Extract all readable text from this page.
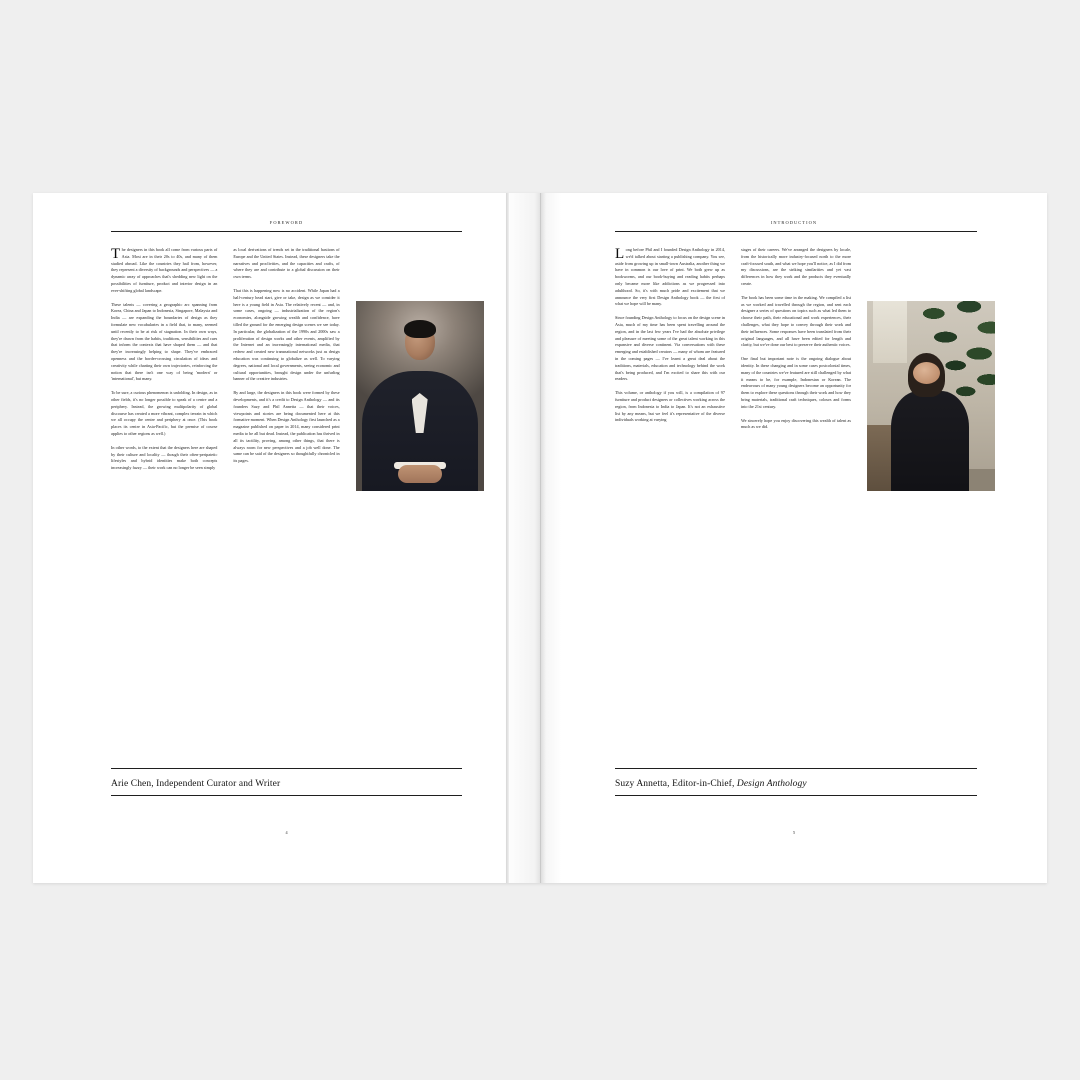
FOREWORD

The designers in this book all come from various parts of Asia. Most are in their 20s to 40s, and many of them studied abroad. Like the countries they hail from, however, they represent a diversity of backgrounds and perspectives — a dynamic array of approaches that's shedding new light on the possibilities of furniture, product and interior design in an ever-shifting global landscape.

These talents — covering a geographic arc spanning from Korea, China and Japan to Indonesia, Singapore, Malaysia and India — are expanding the boundaries of design as they formulate new vocabularies in a field that, to many, seemed until recently to be at risk of stagnation. In their own ways, they're drawn from the habits, traditions, sensibilities and cues that inform the contexts that have shaped them — and that they're increasingly helping to shape. They've embraced openness and the border-crossing circulation of ideas and creativity while charting their own trajectories, reinforcing the notion that there isn't one way of being 'modern' or 'international', but many.

To be sure, a curious phenomenon is unfolding. In design, as in other fields, it's no longer possible to speak of a centre and a periphery. Instead, the growing multipolarity of global discourse has created a more vibrant, complex terrain in which we all occupy the centre and periphery at once. (This book places its centre in Asia-Pacific, but the premise of course applies to other regions as well.)

In other words, to the extent that the designers here are shaped by their culture and locality — though their often-peripatetic lifestyles and hybrid identities make both concepts increasingly fuzzy — their work can no longer be seen simply

as local derivations of trends set in the traditional bastions of Europe and the United States. Instead, these designers take the narratives and proclivities, and the capacities and crafts, of where they are and contribute to a global discussion on their own terms.

That this is happening now is no accident. While Japan had a half-century head start, give or take, design as we consider it here is a young field in Asia. The relatively recent — and, in some cases, ongoing — industrialization of the region's economies, alongside growing wealth and confidence, have tilled the ground for the emerging design scenes we see today. In particular, the globalization of the 1990s and 2000s saw a proliferation of design works and other events, amplified by the Internet and an increasingly international media, that redrew and created new transnational networks just as design education was continuing to globalize as well. To varying degrees, national and local governments, seeing economic and cultural opportunities, brought design under the unfurling banner of the creative industries.

By and large, the designers in this book were formed by these developments, and it's a credit to Design Anthology — and its founders Suzy and Phil Annetta — that their voices, viewpoints and stories are being documented here at this formative moment. When Design Anthology first launched as a magazine published on paper in 2014, many considered print media to be all but dead. Instead, the publication has thrived in all its tactility, proving, among other things, that there is always room for new perspectives and a job well done. The same can be said of the designers so thoughtfully chronicled in its pages.

Arie Chen, Independent Curator and Writer
4
INTRODUCTION

Long before Phil and I founded Design Anthology in 2014, we'd talked about starting a publishing company. You see, aside from growing up in small-town Australia, another thing we have in common is our love of print. We both grew up as bookworms, and our book-buying and reading habits perhaps only became more like addictions as we progressed into adulthood. So, it's with much pride and excitement that we announce the very first Design Anthology book — the first of what we hope will be many.

Since founding Design Anthology to focus on the design scene in Asia, much of my time has been spent travelling around the region, and in the last few years I've had the absolute privilege and pleasure of meeting some of the great talent working in this expansive and diverse continent. Via conversations with these emerging and established creators — many of whom are featured in the coming pages — I've learnt a great deal about the traditions, materials, education and technology behind the work that's being produced, and I'm excited to share this with our readers.

This volume, or anthology if you will, is a compilation of 97 furniture and product designers or collectives working across the region, from Indonesia to India to Japan. It's not an exhaustive list by any means, but we feel it's representative of the diverse individuals working at varying

stages of their careers. We've arranged the designers by locale, from the historically more industry-focused north to the more craft-focused south, and what we hope you'll notice, as I did from my discussions, are the striking similarities and yet vast differences in how they work and the products they eventually create.

The book has been some time in the making. We compiled a list as we worked and travelled through the region, and sent each designer a series of questions on topics such as what led them to choose their path, their educational and work experiences, their challenges, what they hope to convey through their work and their influences. Some responses have been translated from their original languages, and all have been edited for length and clarity, but we've done our best to preserve their authentic voices.

One final but important note is the ongoing dialogue about identity. In these changing and in some cases postcolonial times, many of the countries we've featured are still challenged by what it means to be, for example, Indonesian or Korean. The endeavours of many young designers become an opportunity for them to explore these questions through their work and how they bring materials, traditional craft techniques, colours and forms into the 21st century.

We sincerely hope you enjoy discovering this wealth of talent as much as we did.

Suzy Annetta, Editor-in-Chief, Design Anthology
5
